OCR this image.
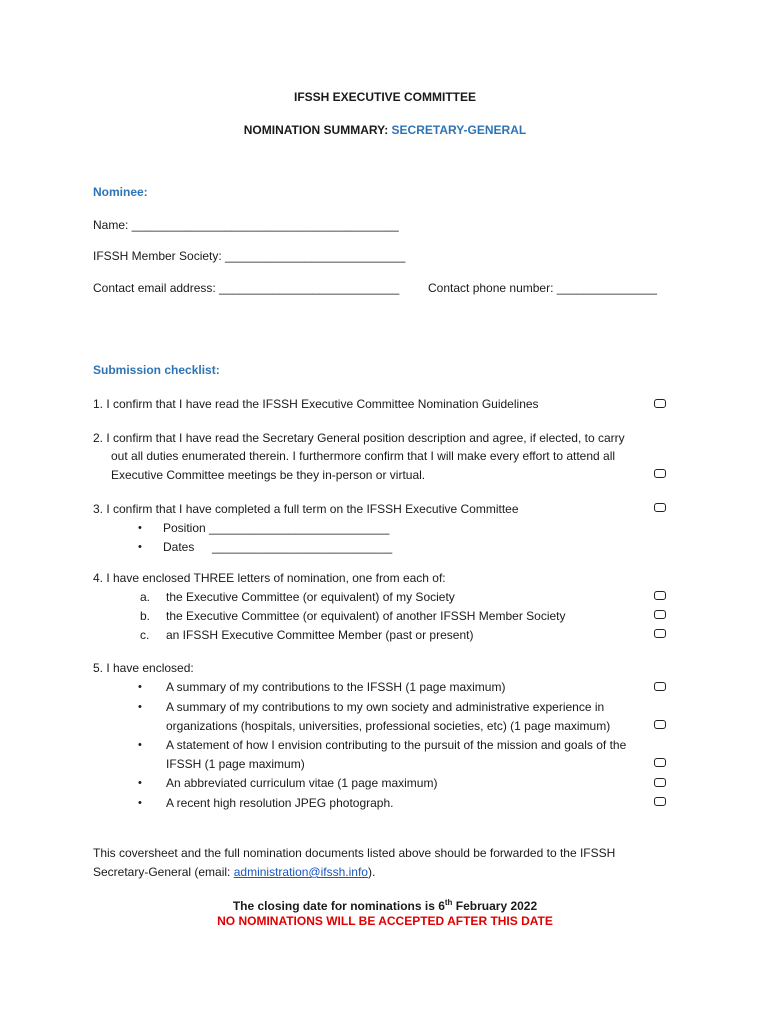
IFSSH EXECUTIVE COMMITTEE
NOMINATION SUMMARY: SECRETARY-GENERAL
Nominee:
Name: ________________________________________
IFSSH Member Society: ___________________________
Contact email address: ___________________________ Contact phone number: _______________
Submission checklist:
1. I confirm that I have read the IFSSH Executive Committee Nomination Guidelines
2. I confirm that I have read the Secretary General position description and agree, if elected, to carry
out all duties enumerated therein. I furthermore confirm that I will make every effort to attend all
Executive Committee meetings be they in-person or virtual.
3. I confirm that I have completed a full term on the IFSSH Executive Committee
• Position ___________________________
• Dates ___________________________
4. I have enclosed THREE letters of nomination, one from each of:
a. the Executive Committee (or equivalent) of my Society
b. the Executive Committee (or equivalent) of another IFSSH Member Society
c. an IFSSH Executive Committee Member (past or present)
5. I have enclosed:
• A summary of my contributions to the IFSSH (1 page maximum)
• A summary of my contributions to my own society and administrative experience in
organizations (hospitals, universities, professional societies, etc) (1 page maximum)
• A statement of how I envision contributing to the pursuit of the mission and goals of the
IFSSH (1 page maximum)
• An abbreviated curriculum vitae (1 page maximum)
• A recent high resolution JPEG photograph.
This coversheet and the full nomination documents listed above should be forwarded to the IFSSH
Secretary-General (email: administration@ifssh.info).
The closing date for nominations is 6th February 2022
NO NOMINATIONS WILL BE ACCEPTED AFTER THIS DATE
